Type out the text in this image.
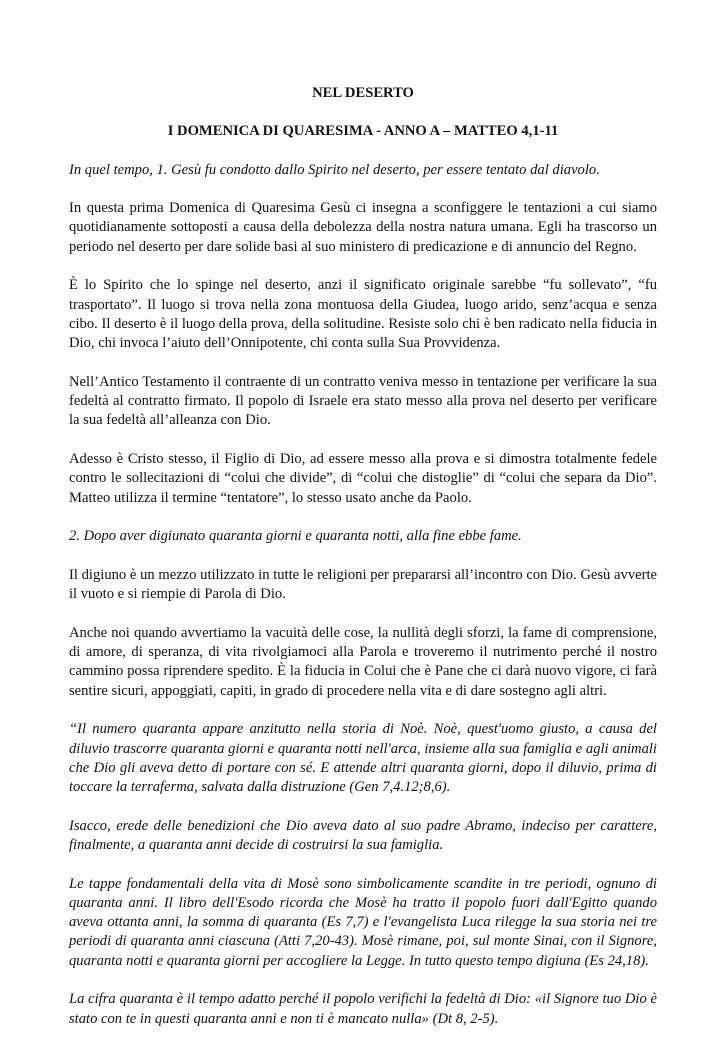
NEL DESERTO
I DOMENICA DI QUARESIMA - ANNO A – MATTEO 4,1-11

In quel tempo, 1. Gesù fu condotto dallo Spirito nel deserto, per essere tentato dal diavolo.

In questa prima Domenica di Quaresima Gesù ci insegna a sconfiggere le tentazioni a cui siamo quotidianamente sottoposti a causa della debolezza della nostra natura umana. Egli ha trascorso un periodo nel deserto per dare solide basi al suo ministero di predicazione e di annuncio del Regno.

È lo Spirito che lo spinge nel deserto, anzi il significato originale sarebbe “fu sollevato”, “fu trasportato”. Il luogo si trova nella zona montuosa della Giudea, luogo arido, senz’acqua e senza cibo. Il deserto è il luogo della prova, della solitudine. Resiste solo chi è ben radicato nella fiducia in Dio, chi invoca l’aiuto dell’Onnipotente, chi conta sulla Sua Provvidenza.

Nell’Antico Testamento il contraente di un contratto veniva messo in tentazione per verificare la sua fedeltà al contratto firmato. Il popolo di Israele era stato messo alla prova nel deserto per verificare la sua fedeltà all’alleanza con Dio.

Adesso è Cristo stesso, il Figlio di Dio, ad essere messo alla prova e si dimostra totalmente fedele contro le sollecitazioni di “colui che divide”, di “colui che distoglie” di “colui che separa da Dio”. Matteo utilizza il termine “tentatore”, lo stesso usato anche da Paolo.

2. Dopo aver digiunato quaranta giorni e quaranta notti, alla fine ebbe fame.

Il digiuno è un mezzo utilizzato in tutte le religioni per prepararsi all’incontro con Dio. Gesù avverte il vuoto e si riempie di Parola di Dio.

Anche noi quando avvertiamo la vacuità delle cose, la nullità degli sforzi, la fame di comprensione, di amore, di speranza, di vita rivolgiamoci alla Parola e troveremo il nutrimento perché il nostro cammino possa riprendere spedito. È la fiducia in Colui che è Pane che ci darà nuovo vigore, ci farà sentire sicuri, appoggiati, capiti, in grado di procedere nella vita e di dare sostegno agli altri.

“Il numero quaranta appare anzitutto nella storia di Noè. Noè, quest'uomo giusto, a causa del diluvio trascorre quaranta giorni e quaranta notti nell'arca, insieme alla sua famiglia e agli animali che Dio gli aveva detto di portare con sé. E attende altri quaranta giorni, dopo il diluvio, prima di toccare la terraferma, salvata dalla distruzione (Gen 7,4.12;8,6).

Isacco, erede delle benedizioni che Dio aveva dato al suo padre Abramo, indeciso per carattere, finalmente, a quaranta anni decide di costruirsi la sua famiglia.

Le tappe fondamentali della vita di Mosè sono simbolicamente scandite in tre periodi, ognuno di quaranta anni. Il libro dell'Esodo ricorda che Mosè ha tratto il popolo fuori dall'Egitto quando aveva ottanta anni, la somma di quaranta (Es 7,7) e l'evangelista Luca rilegge la sua storia nei tre periodi di quaranta anni ciascuna (Atti 7,20-43). Mosè rimane, poi, sul monte Sinai, con il Signore, quaranta notti e quaranta giorni per accogliere la Legge. In tutto questo tempo digiuna (Es 24,18).

La cifra quaranta è il tempo adatto perché il popolo verifichi la fedeltà di Dio: «il Signore tuo Dio è stato con te in questi quaranta anni e non ti è mancato nulla» (Dt 8, 2-5).
